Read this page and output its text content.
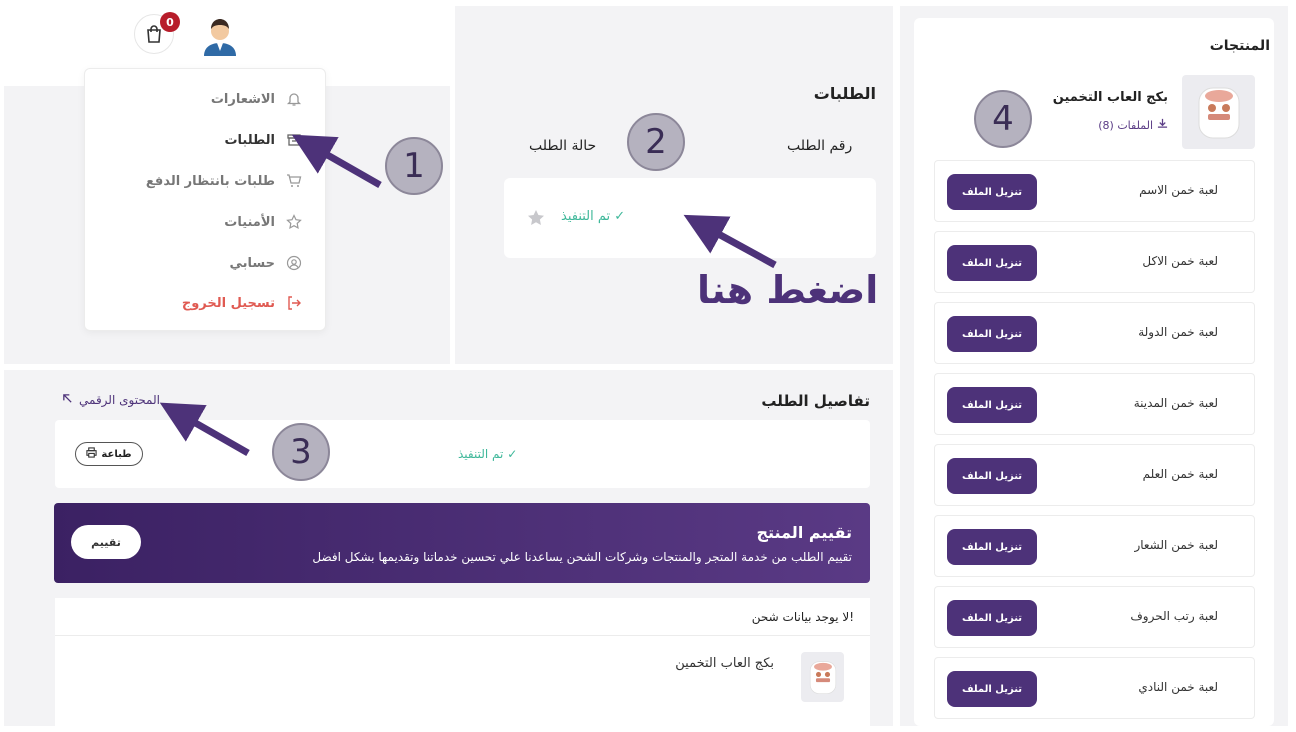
0
الاشعارات
الطلبات
طلبات بانتظار الدفع
الأمنيات
حسابي
تسجيل الخروج
الطلبات
رقم الطلب
حالة الطلب
تم التنفيذ ✓
المنتجات
بكج العاب التخمين
الملفات (8)
لعبة خمن الاسم
تنزيل الملف
لعبة خمن الاكل
تنزيل الملف
لعبة خمن الدولة
تنزيل الملف
لعبة خمن المدينة
تنزيل الملف
لعبة خمن العلم
تنزيل الملف
لعبة خمن الشعار
تنزيل الملف
لعبة رتب الحروف
تنزيل الملف
لعبة خمن النادي
تنزيل الملف
تفاصيل الطلب
المحتوى الرقمي
طباعة	تم التنفيذ ✓
تقييم المنتج
تقييم الطلب من خدمة المتجر والمنتجات وشركات الشحن يساعدنا علي تحسين خدماتنا وتقديمها بشكل افضل
تقييم
لا يوجد بيانات شحن!
بكج العاب التخمين
1
2
3
4
اضغط هنا
